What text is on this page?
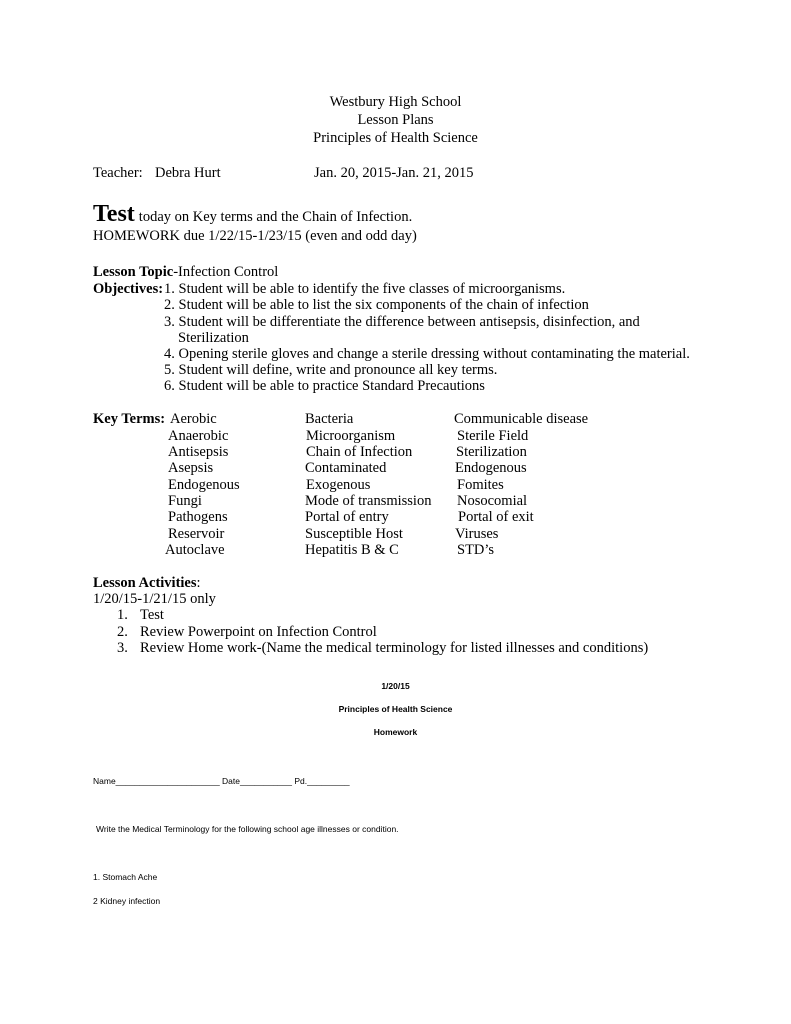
Westbury High School
Lesson Plans
Principles of Health Science
Teacher: Debra Hurt	Jan. 20, 2015-Jan. 21, 2015
Test today on Key terms and the Chain of Infection.
HOMEWORK due 1/22/15-1/23/15 (even and odd day)
Lesson Topic-Infection Control
Objectives: 1. Student will be able to identify the five classes of microorganisms.
2. Student will be able to list the six components of the chain of infection
3. Student will be differentiate the difference between antisepsis, disinfection, and
Sterilization
4. Opening sterile gloves and change a sterile dressing without contaminating the material.
5. Student will define, write and pronounce all key terms.
6. Student will be able to practice Standard Precautions
Key Terms: Aerobic
Anaerobic
Antisepsis
Asepsis
Endogenous
Fungi
Pathogens
Reservoir
Autoclave
Bacteria
Microorganism
Chain of Infection
Contaminated
Exogenous
Mode of transmission
Portal of entry
Susceptible Host
Hepatitis B & C
Communicable disease
Sterile Field
Sterilization
Endogenous
Fomites
Nosocomial
Portal of exit
Viruses
STD’s
Lesson Activities:
1/20/15-1/21/15 only
1. Test
2. Review Powerpoint on Infection Control
3. Review Home work-(Name the medical terminology for listed illnesses and conditions)
1/20/15
Principles of Health Science
Homework
Name______________________ Date___________ Pd._________
Write the Medical Terminology for the following school age illnesses or condition.
1. Stomach Ache
2 Kidney infection
